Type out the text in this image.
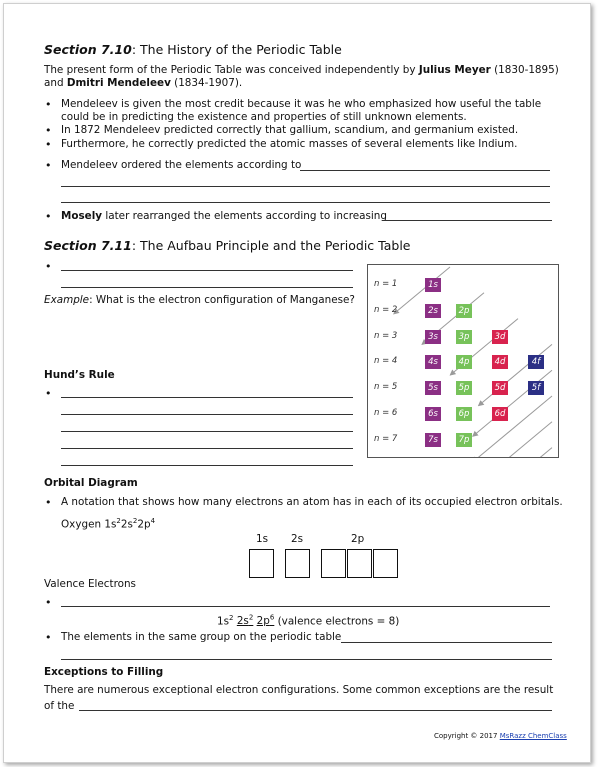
Section 7.10: The History of the Periodic Table
The present form of the Periodic Table was conceived independently by Julius Meyer (1830-1895)
and Dmitri Mendeleev (1834-1907).
• Mendeleev is given the most credit because it was he who emphasized how useful the table
could be in predicting the existence and properties of still unknown elements.
• In 1872 Mendeleev predicted correctly that gallium, scandium, and germanium existed.
• Furthermore, he correctly predicted the atomic masses of several elements like Indium.
• Mendeleev ordered the elements according to
• Mosely later rearranged the elements according to increasing
Section 7.11: The Aufbau Principle and the Periodic Table
•
Example: What is the electron configuration of Manganese?
Hund’s Rule
•
n = 1	1s
n = 2	2s	2p
n = 3	3s	3p	3d
n = 4	4s	4p	4d	4f
n = 5	5s	5p	5d	5f
n = 6	6s	6p	6d
n = 7	7s	7p
Orbital Diagram
• A notation that shows how many electrons an atom has in each of its occupied electron orbitals.
Oxygen $1s^22s^22p^4$
1s 2s	2p
Valence Electrons
•
$1s^2$ $2s^2$ $2p^6$ (valence electrons = 8)
• The elements in the same group on the periodic table
Exceptions to Filling
There are numerous exceptional electron configurations. Some common exceptions are the result
of the
Copyright © 2017 MsRazz ChemClass
